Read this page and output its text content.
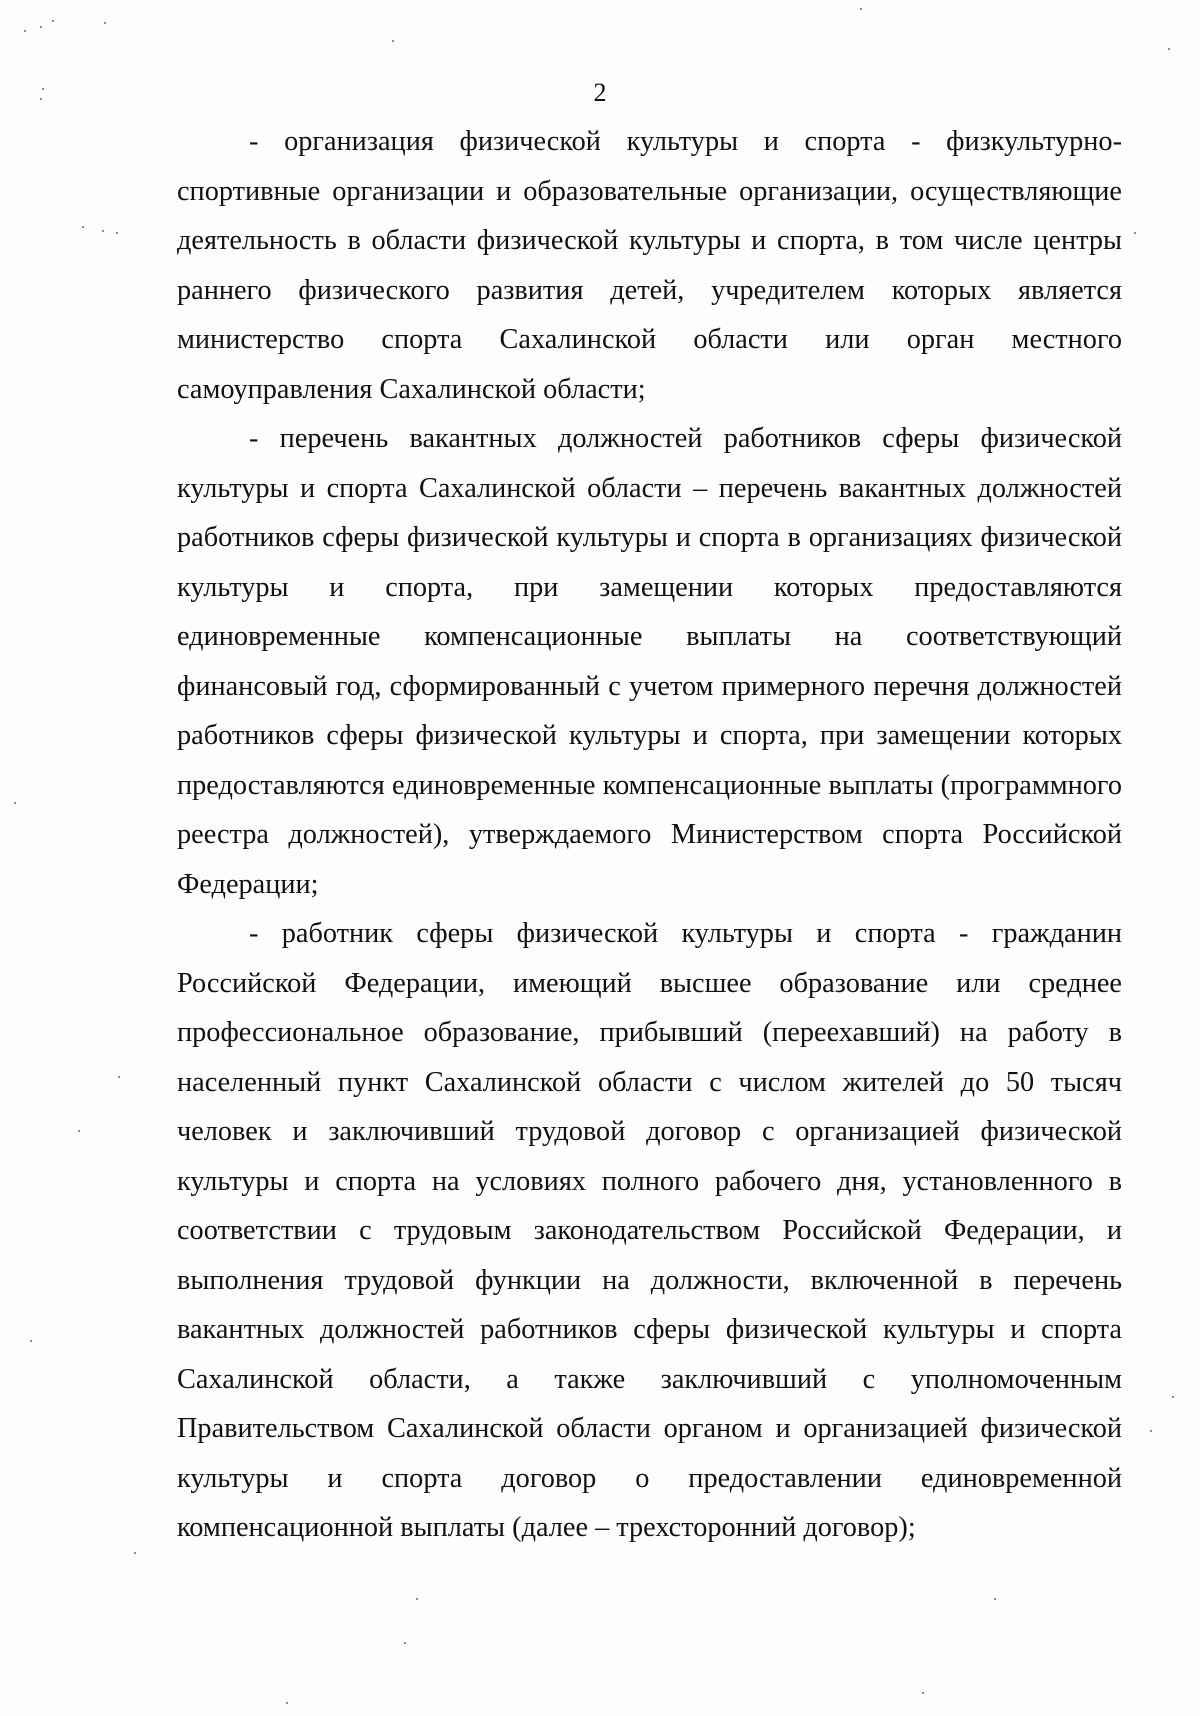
2

- организация физической культуры и спорта - физкультурно-спортивные организации и образовательные организации, осуществляющие деятельность в области физической культуры и спорта, в том числе центры раннего физического развития детей, учредителем которых является министерство спорта Сахалинской области или орган местного самоуправления Сахалинской области;

- перечень вакантных должностей работников сферы физической культуры и спорта Сахалинской области – перечень вакантных должностей работников сферы физической культуры и спорта в организациях физической культуры и спорта, при замещении которых предоставляются единовременные компенсационные выплаты на соответствующий финансовый год, сформированный с учетом примерного перечня должностей работников сферы физической культуры и спорта, при замещении которых предоставляются единовременные компенсационные выплаты (программного реестра должностей), утверждаемого Министерством спорта Российской Федерации;

- работник сферы физической культуры и спорта - гражданин Российской Федерации, имеющий высшее образование или среднее профессиональное образование, прибывший (переехавший) на работу в населенный пункт Сахалинской области с числом жителей до 50 тысяч человек и заключивший трудовой договор с организацией физической культуры и спорта на условиях полного рабочего дня, установленного в соответствии с трудовым законодательством Российской Федерации, и выполнения трудовой функции на должности, включенной в перечень вакантных должностей работников сферы физической культуры и спорта Сахалинской области, а также заключивший с уполномоченным Правительством Сахалинской области органом и организацией физической культуры и спорта договор о предоставлении единовременной компенсационной выплаты (далее – трехсторонний договор);
